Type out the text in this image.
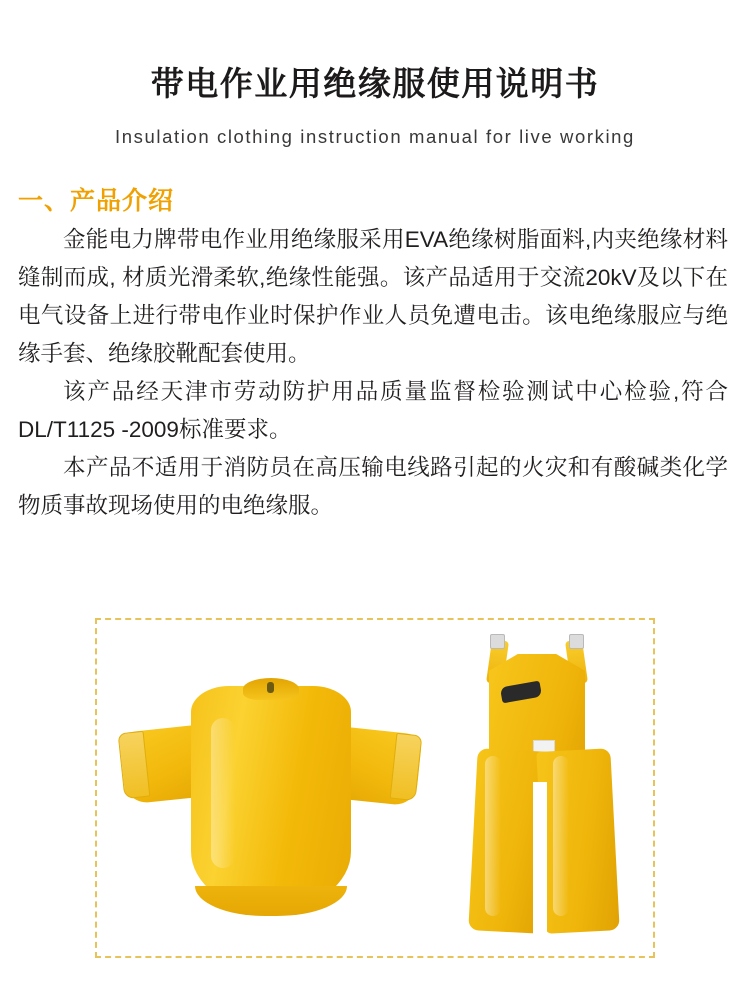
带电作业用绝缘服使用说明书
Insulation clothing instruction manual for live working
一、产品介绍

金能电力牌带电作业用绝缘服采用EVA绝缘树脂面料,内夹绝缘材料缝制而成, 材质光滑柔软,绝缘性能强。该产品适用于交流20kV及以下在电气设备上进行带电作业时保护作业人员免遭电击。该电绝缘服应与绝缘手套、绝缘胶靴配套使用。

该产品经天津市劳动防护用品质量监督检验测试中心检验,符合DL/T1125 -2009标准要求。

本产品不适用于消防员在高压输电线路引起的火灾和有酸碱类化学物质事故现场使用的电绝缘服。
